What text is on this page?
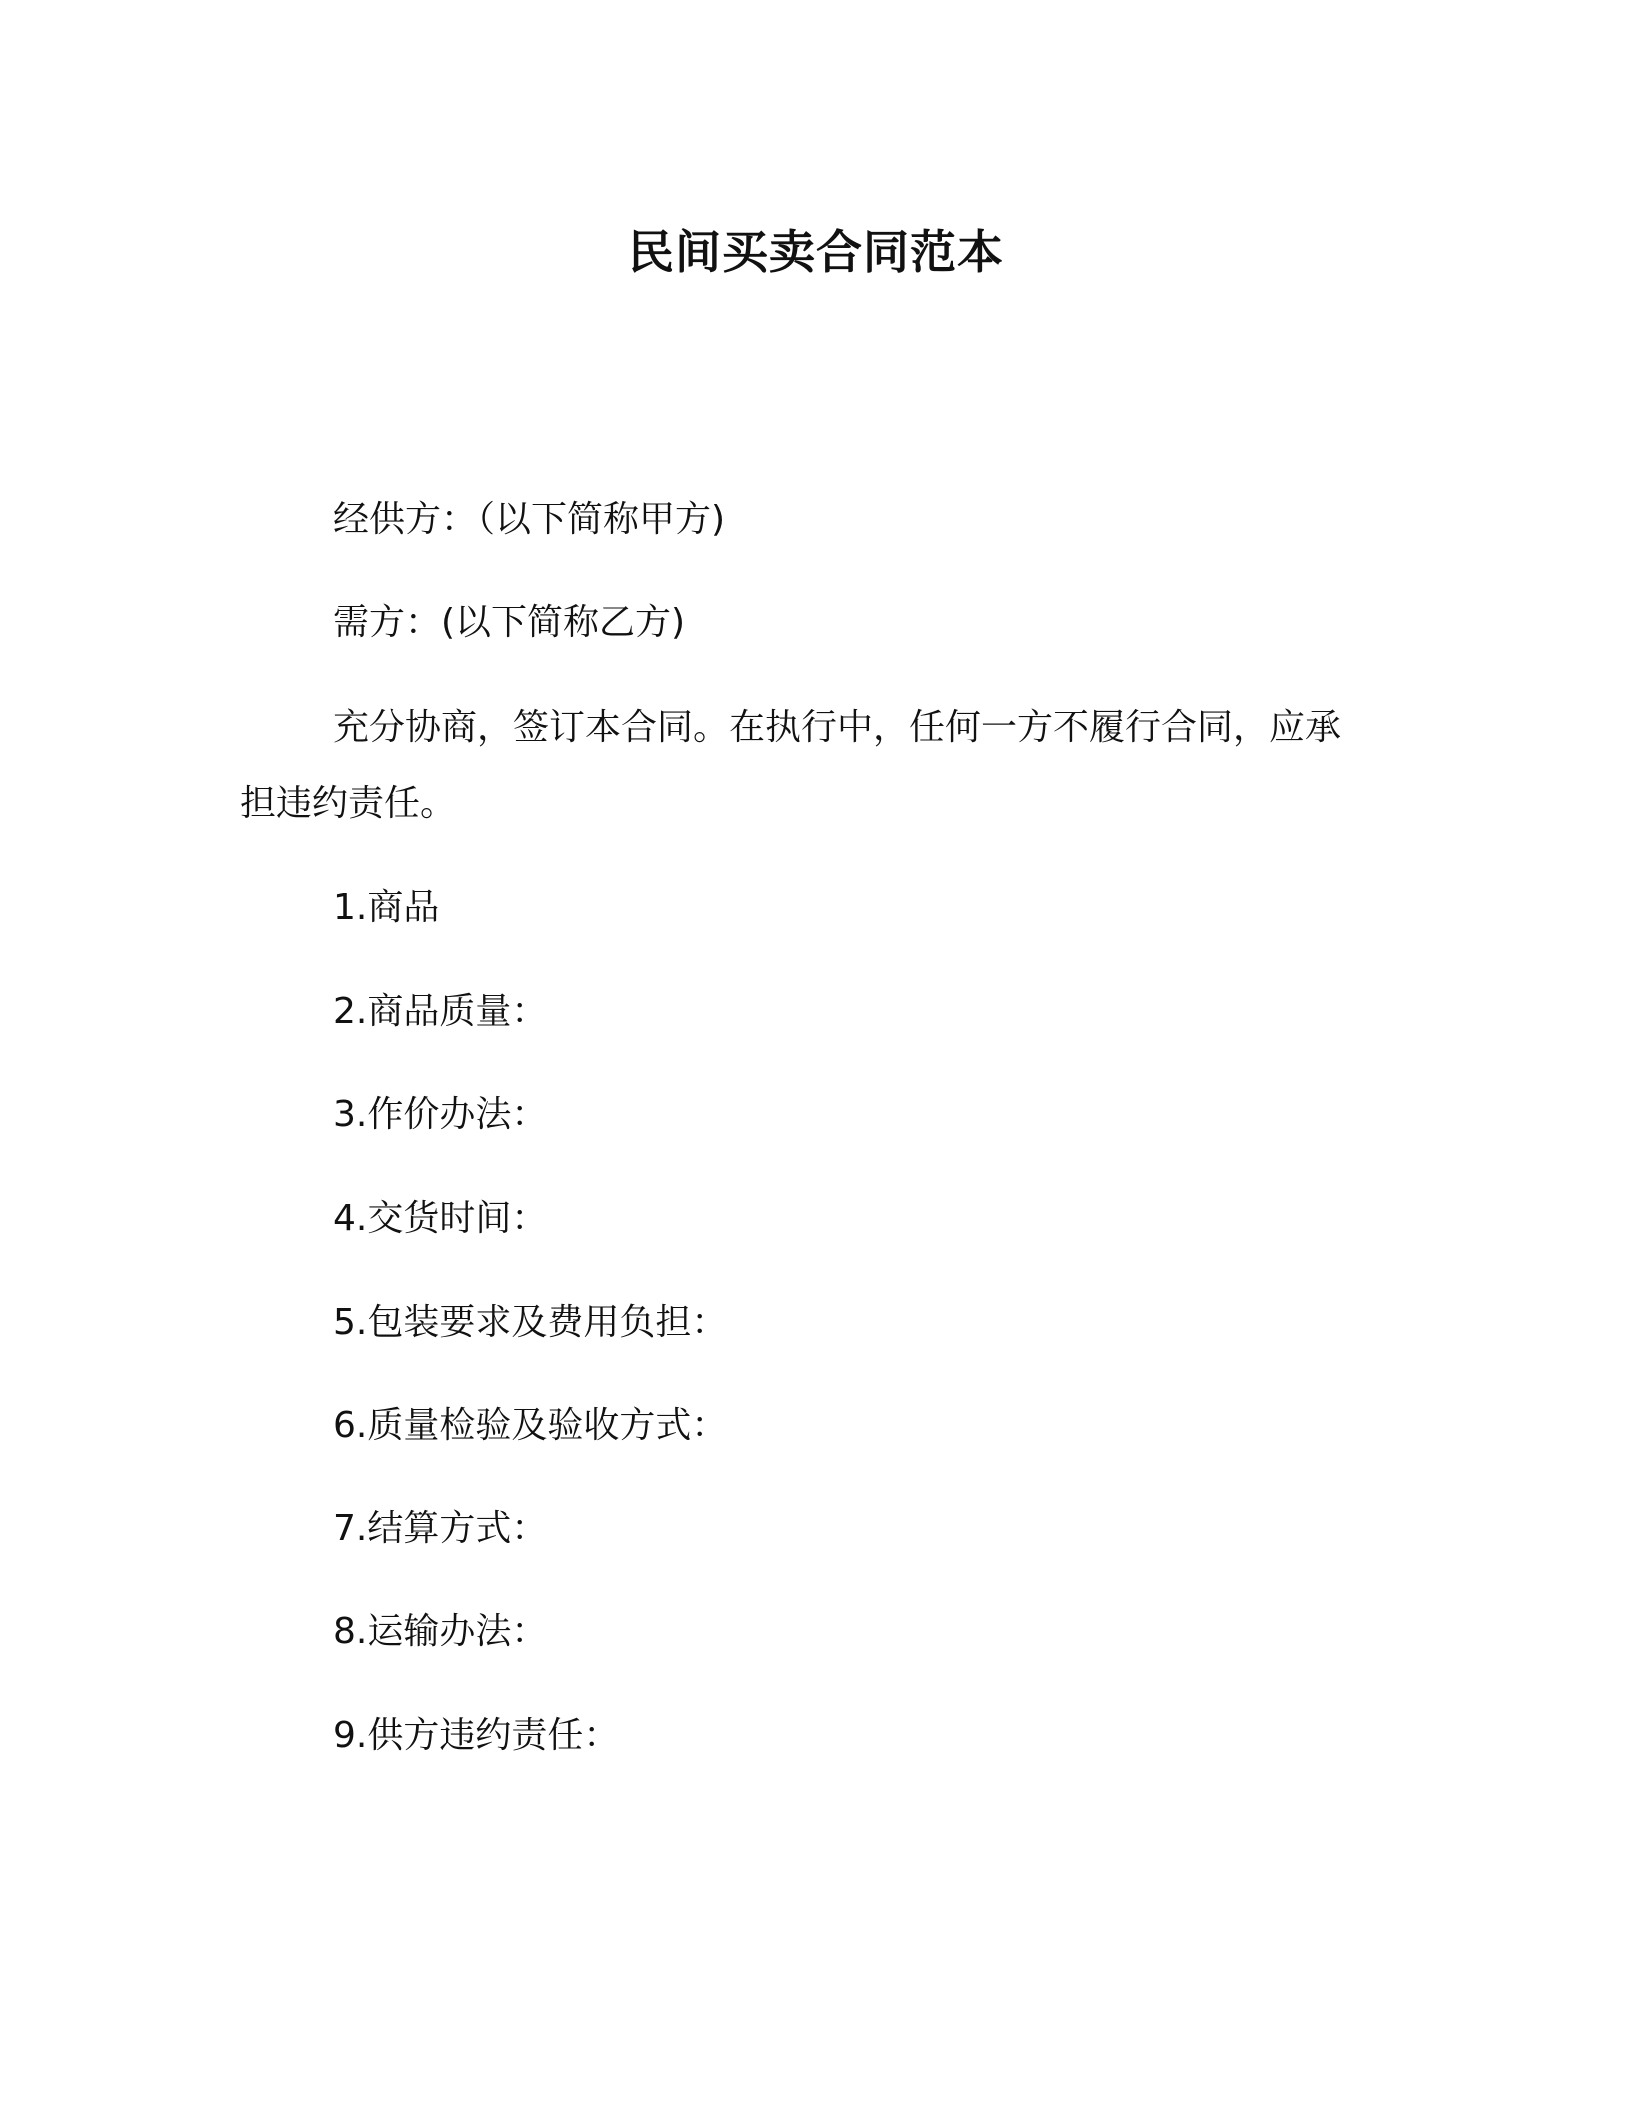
民间买卖合同范本
经供方：（以下简称甲方)
需方：(以下简称乙方)
充分协商，签订本合同。在执行中，任何一方不履行合同，应承
担违约责任。
1.商品
2.商品质量：
3.作价办法：
4.交货时间：
5.包装要求及费用负担：
6.质量检验及验收方式：
7.结算方式：
8.运输办法：
9.供方违约责任：
